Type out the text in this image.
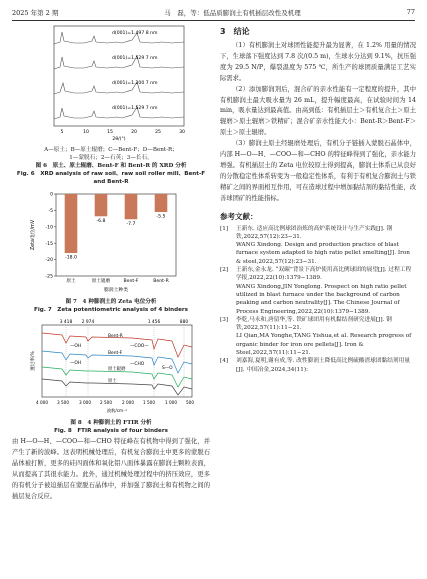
2025 年第 2 期	马　磊，等：低品质膨润土有机插层改性及机理	77
d(001)=1.497 8 nm
d(001)=1.529 7 nm
d(001)=1.200 7 nm
d(001)=1.529 7 nm
5	10	15	20	25	30
2θ/(°)

A—原土；B—原土辊磨；C—Bent-F；D—Bent-R；

1—蒙脱石；2—石英；3—长石。

图 6　原土、原土辊磨、Bent-F 和 Bent-R 的 XRD 分析

Fig. 6　XRD analysis of raw soil、raw soil roller mill、Bent-F and Bent-R

-25
-20
-15
-10
-5
0
-18.0
-6.8
-7.7
-5.5
原土	原土辊磨	Bent-F	Bent-R
Zeta电位/mV
膨润土种类

图 7　4 种膨润土的 Zeta 电位分析

Fig. 7　Zeta potentiometric analysis of 4 binders

3 418 2 974	1 456	880
Bent-R
Bent-F
原土辊磨
原土
—OH	—COO—
—OH	—CHO
S—O
透过率/%
4 000 3 500 3 000 2 500 2 000 1 500 1 000 500
波数/cm⁻¹

图 8　4 种膨润土的 FTIR 分析

Fig. 8　FTIR analysis of four binders

由 H—O—H、—COO—和—CHO 特征峰在有机物中得到了强化，并产生了新的波峰。这表明机械处理后，有机复合膨润土中更多的蒙脱石晶体被打断，更多的硅四面体和氧化铝八面体暴露在膨润土颗粒表面，从而提高了其很水能力。此外，通过机械处理过程中的挤压效应，更多的有机分子被迫插层在蒙脱石晶体中，并加强了膨润土和有机物之间的插层复合反应。

3　结论

（1）有机膨润土对球团性能提升最为显著，在 1.2% 用量的情况下，生球落下强度达到 7.8 次/(0.5 m)，生球水分达到 9.1%，抗压强度为 29.5 N/P，爆裂温度为 575 ℃，所生产的球团质量满足工艺实际需求。

（2）添加膨润剂后，混合矿的亲水性能有一定程度的提升，其中有机膨润土最大吸水量为 26 mL，提升幅度最高，在试验时间为 14 min，吸水量达到最高值。由高到低：有机插层土＞有机复合土＞原土辊磨＞原土辊磨＞铁精矿；混合矿亲水性能大小：Bent-R＞Bent-F＞原土＞原土辊磨。

（3）膨润土原土经辊磨处理后，有机分子链插入蒙脱石晶体中，内部 H—O—H、—COO—和—CHO 的特征峰得到了强化，亲水能力增强。有机插层土的 Zeta 电位较原土得到提高，膨润土体系已从良好的分散稳定性体系转变为一般稳定性体系，有利于有机复合膨润土与铁精矿之间的界面相互作用，可在造球过程中增加黏结剂的黏结性能，改善球团矿的性能指标。

参考文献：

[1]	王新东. 适应高比例球团治炼的高炉系统设计与生产实践[J]. 钢铁,2022,57(12):23−31.
WANG Xindong. Design and production practice of blast furnace system adapted to high ratio pellet smelting[J]. Iron & steel,2022,57(12):23−31.
[2]	王新东,金永龙. “双碳”背景下高炉使用高比例球团的展望[J]. 过程工程学报,2022,22(10):1379−1389.
WANG Xindong,JIN Yonglong. Prospect on high ratio pellet utilized in blast furnace under the background of carbon peaking and carbon neutrality[J]. The Chinese Journal of Process Engineering,2022,22(10):1379−1389.
[3]	李乾,马永和,唐留华,等. 铁矿球团用有机黏结剂研究进展[J]. 钢铁,2022,57(11):11−21.
LI Qian,MA Yonghe,TANG Yishua,et al. Research progress of organic binder for iron ore pellets[J]. Iron & Steel,2022,57(11):11−21.
[4]	刘嘉海,夏明,谢有成,等. 改性膨润土降低高比例硫酸渣球团黏结剂用量[J]. 中国冶金,2024,34(11):
